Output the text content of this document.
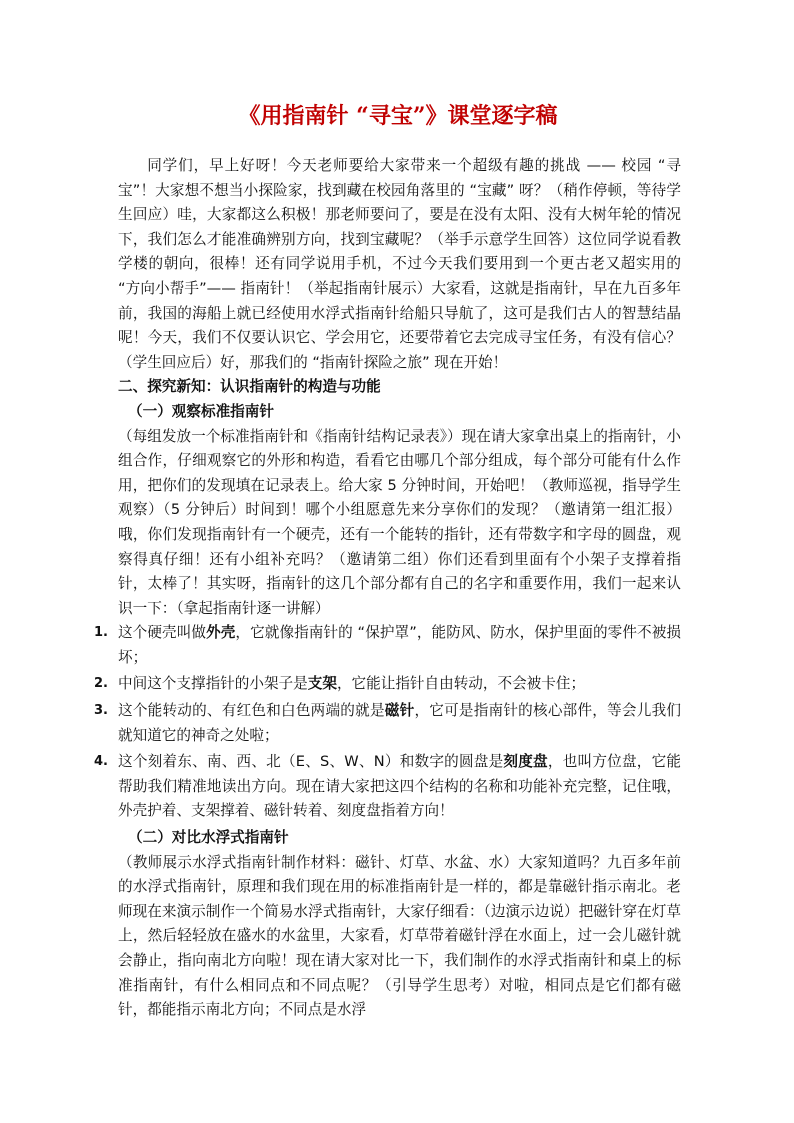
《用指南针 “寻宝”》课堂逐字稿

同学们，早上好呀！今天老师要给大家带来一个超级有趣的挑战 —— 校园 “寻宝”！大家想不想当小探险家，找到藏在校园角落里的 “宝藏” 呀？（稍作停顿，等待学生回应）哇，大家都这么积极！那老师要问了，要是在没有太阳、没有大树年轮的情况下，我们怎么才能准确辨别方向，找到宝藏呢？（举手示意学生回答）这位同学说看教学楼的朝向，很棒！还有同学说用手机，不过今天我们要用到一个更古老又超实用的 “方向小帮手”—— 指南针！（举起指南针展示）大家看，这就是指南针，早在九百多年前，我国的海船上就已经使用水浮式指南针给船只导航了，这可是我们古人的智慧结晶呢！今天，我们不仅要认识它、学会用它，还要带着它去完成寻宝任务，有没有信心？（学生回应后）好，那我们的 “指南针探险之旅” 现在开始！

二、探究新知：认识指南针的构造与功能

（一）观察标准指南针

（每组发放一个标准指南针和《指南针结构记录表》）现在请大家拿出桌上的指南针，小组合作，仔细观察它的外形和构造，看看它由哪几个部分组成，每个部分可能有什么作用，把你们的发现填在记录表上。给大家 5 分钟时间，开始吧！（教师巡视，指导学生观察）（5 分钟后）时间到！哪个小组愿意先来分享你们的发现？（邀请第一组汇报）哦，你们发现指南针有一个硬壳，还有一个能转的指针，还有带数字和字母的圆盘，观察得真仔细！还有小组补充吗？（邀请第二组）你们还看到里面有个小架子支撑着指针，太棒了！其实呀，指南针的这几个部分都有自己的名字和重要作用，我们一起来认识一下：（拿起指南针逐一讲解）

1. 这个硬壳叫做外壳，它就像指南针的 “保护罩”，能防风、防水，保护里面的零件不被损坏；
2. 中间这个支撑指针的小架子是支架，它能让指针自由转动，不会被卡住；
3. 这个能转动的、有红色和白色两端的就是磁针，它可是指南针的核心部件，等会儿我们就知道它的神奇之处啦；
4. 这个刻着东、南、西、北（E、S、W、N）和数字的圆盘是刻度盘，也叫方位盘，它能帮助我们精准地读出方向。现在请大家把这四个结构的名称和功能补充完整，记住哦，外壳护着、支架撑着、磁针转着、刻度盘指着方向！

（二）对比水浮式指南针

（教师展示水浮式指南针制作材料：磁针、灯草、水盆、水）大家知道吗？九百多年前的水浮式指南针，原理和我们现在用的标准指南针是一样的，都是靠磁针指示南北。老师现在来演示制作一个简易水浮式指南针，大家仔细看：（边演示边说）把磁针穿在灯草上，然后轻轻放在盛水的水盆里，大家看，灯草带着磁针浮在水面上，过一会儿磁针就会静止，指向南北方向啦！现在请大家对比一下，我们制作的水浮式指南针和桌上的标准指南针，有什么相同点和不同点呢？（引导学生思考）对啦，相同点是它们都有磁针，都能指示南北方向；不同点是水浮
